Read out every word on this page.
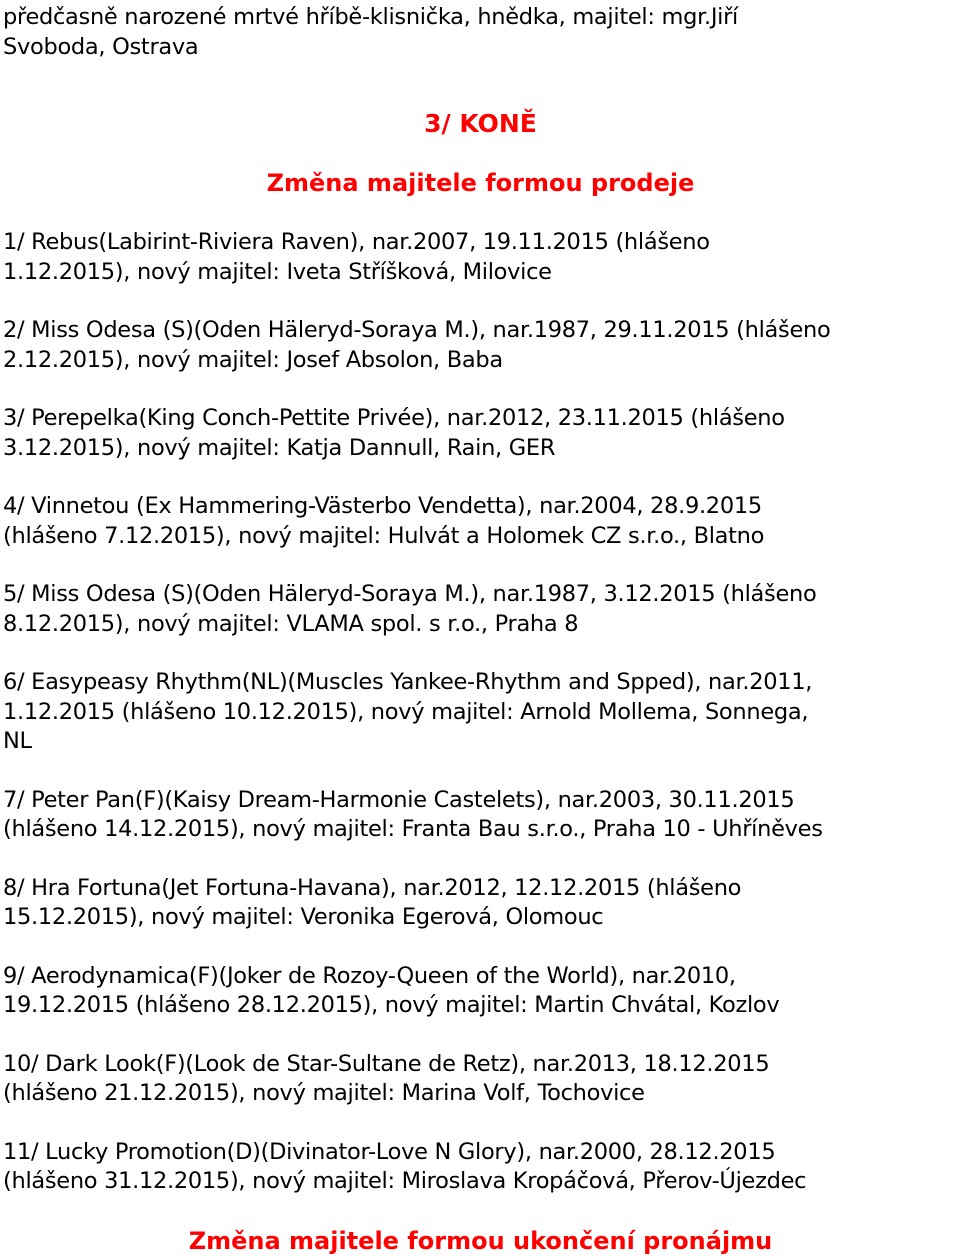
předčasně narozené mrtvé hříbě-klisnička, hnědka, majitel: mgr.Jiří
Svoboda, Ostrava
3/ KONĚ
Změna majitele formou prodeje
1/ Rebus(Labirint-Riviera Raven), nar.2007, 19.11.2015 (hlášeno
1.12.2015), nový majitel: Iveta Stříšková, Milovice
2/ Miss Odesa (S)(Oden Häleryd-Soraya M.), nar.1987, 29.11.2015 (hlášeno
2.12.2015), nový majitel: Josef Absolon, Baba
3/ Perepelka(King Conch-Pettite Privée), nar.2012, 23.11.2015 (hlášeno
3.12.2015), nový majitel: Katja Dannull, Rain, GER
4/ Vinnetou (Ex Hammering-Västerbo Vendetta), nar.2004, 28.9.2015
(hlášeno 7.12.2015), nový majitel: Hulvát a Holomek CZ s.r.o., Blatno
5/ Miss Odesa (S)(Oden Häleryd-Soraya M.), nar.1987, 3.12.2015 (hlášeno
8.12.2015), nový majitel: VLAMA spol. s r.o., Praha 8
6/ Easypeasy Rhythm(NL)(Muscles Yankee-Rhythm and Spped), nar.2011,
1.12.2015 (hlášeno 10.12.2015), nový majitel: Arnold Mollema, Sonnega,
NL
7/ Peter Pan(F)(Kaisy Dream-Harmonie Castelets), nar.2003, 30.11.2015
(hlášeno 14.12.2015), nový majitel: Franta Bau s.r.o., Praha 10 - Uhříněves
8/ Hra Fortuna(Jet Fortuna-Havana), nar.2012, 12.12.2015 (hlášeno
15.12.2015), nový majitel: Veronika Egerová, Olomouc
9/ Aerodynamica(F)(Joker de Rozoy-Queen of the World), nar.2010,
19.12.2015 (hlášeno 28.12.2015), nový majitel: Martin Chvátal, Kozlov
10/ Dark Look(F)(Look de Star-Sultane de Retz), nar.2013, 18.12.2015
(hlášeno 21.12.2015), nový majitel: Marina Volf, Tochovice
11/ Lucky Promotion(D)(Divinator-Love N Glory), nar.2000, 28.12.2015
(hlášeno 31.12.2015), nový majitel: Miroslava Kropáčová, Přerov-Újezdec
Změna majitele formou ukončení pronájmu
